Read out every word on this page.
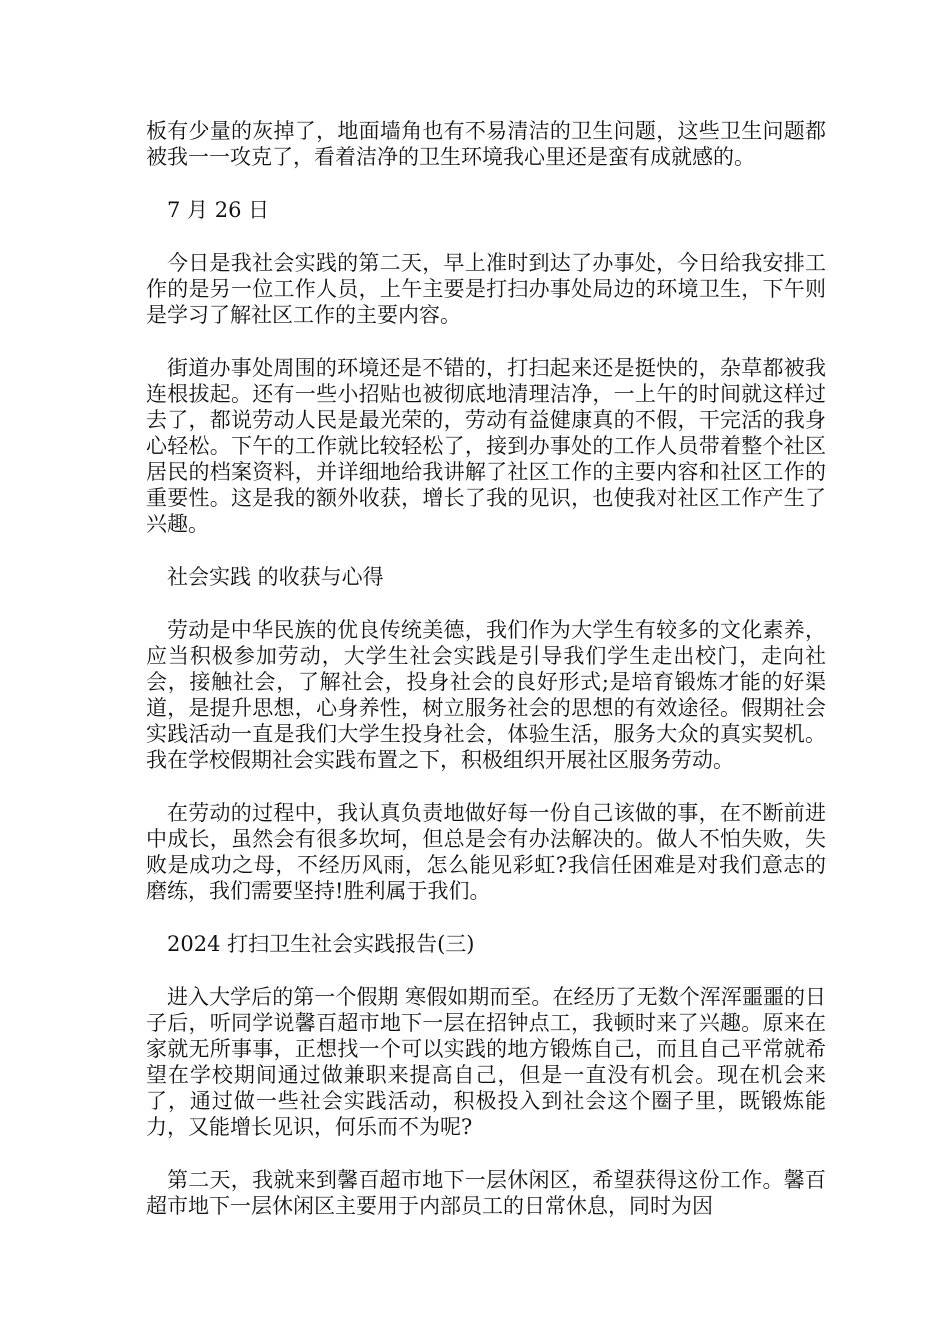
板有少量的灰掉了，地面墙角也有不易清洁的卫生问题，这些卫生问题都被我一一攻克了，看着洁净的卫生环境我心里还是蛮有成就感的。

7 月 26 日

今日是我社会实践的第二天，早上准时到达了办事处，今日给我安排工作的是另一位工作人员，上午主要是打扫办事处局边的环境卫生，下午则是学习了解社区工作的主要内容。

街道办事处周围的环境还是不错的，打扫起来还是挺快的，杂草都被我连根拔起。还有一些小招贴也被彻底地清理洁净，一上午的时间就这样过去了，都说劳动人民是最光荣的，劳动有益健康真的不假，干完活的我身心轻松。下午的工作就比较轻松了，接到办事处的工作人员带着整个社区居民的档案资料，并详细地给我讲解了社区工作的主要内容和社区工作的重要性。这是我的额外收获，增长了我的见识，也使我对社区工作产生了兴趣。

社会实践 的收获与心得

劳动是中华民族的优良传统美德，我们作为大学生有较多的文化素养，应当积极参加劳动，大学生社会实践是引导我们学生走出校门，走向社会，接触社会，了解社会，投身社会的良好形式;是培育锻炼才能的好渠道，是提升思想，心身养性，树立服务社会的思想的有效途径。假期社会实践活动一直是我们大学生投身社会，体验生活，服务大众的真实契机。我在学校假期社会实践布置之下，积极组织开展社区服务劳动。

在劳动的过程中，我认真负责地做好每一份自己该做的事，在不断前进中成长，虽然会有很多坎坷，但总是会有办法解决的。做人不怕失败，失败是成功之母，不经历风雨，怎么能见彩虹?我信任困难是对我们意志的磨练，我们需要坚持!胜利属于我们。

2024 打扫卫生社会实践报告(三)

进入大学后的第一个假期 寒假如期而至。在经历了无数个浑浑噩噩的日子后，听同学说馨百超市地下一层在招钟点工，我顿时来了兴趣。原来在家就无所事事，正想找一个可以实践的地方锻炼自己，而且自己平常就希望在学校期间通过做兼职来提高自己，但是一直没有机会。现在机会来了，通过做一些社会实践活动，积极投入到社会这个圈子里，既锻炼能力，又能增长见识，何乐而不为呢?

第二天，我就来到馨百超市地下一层休闲区，希望获得这份工作。馨百超市地下一层休闲区主要用于内部员工的日常休息，同时为因
